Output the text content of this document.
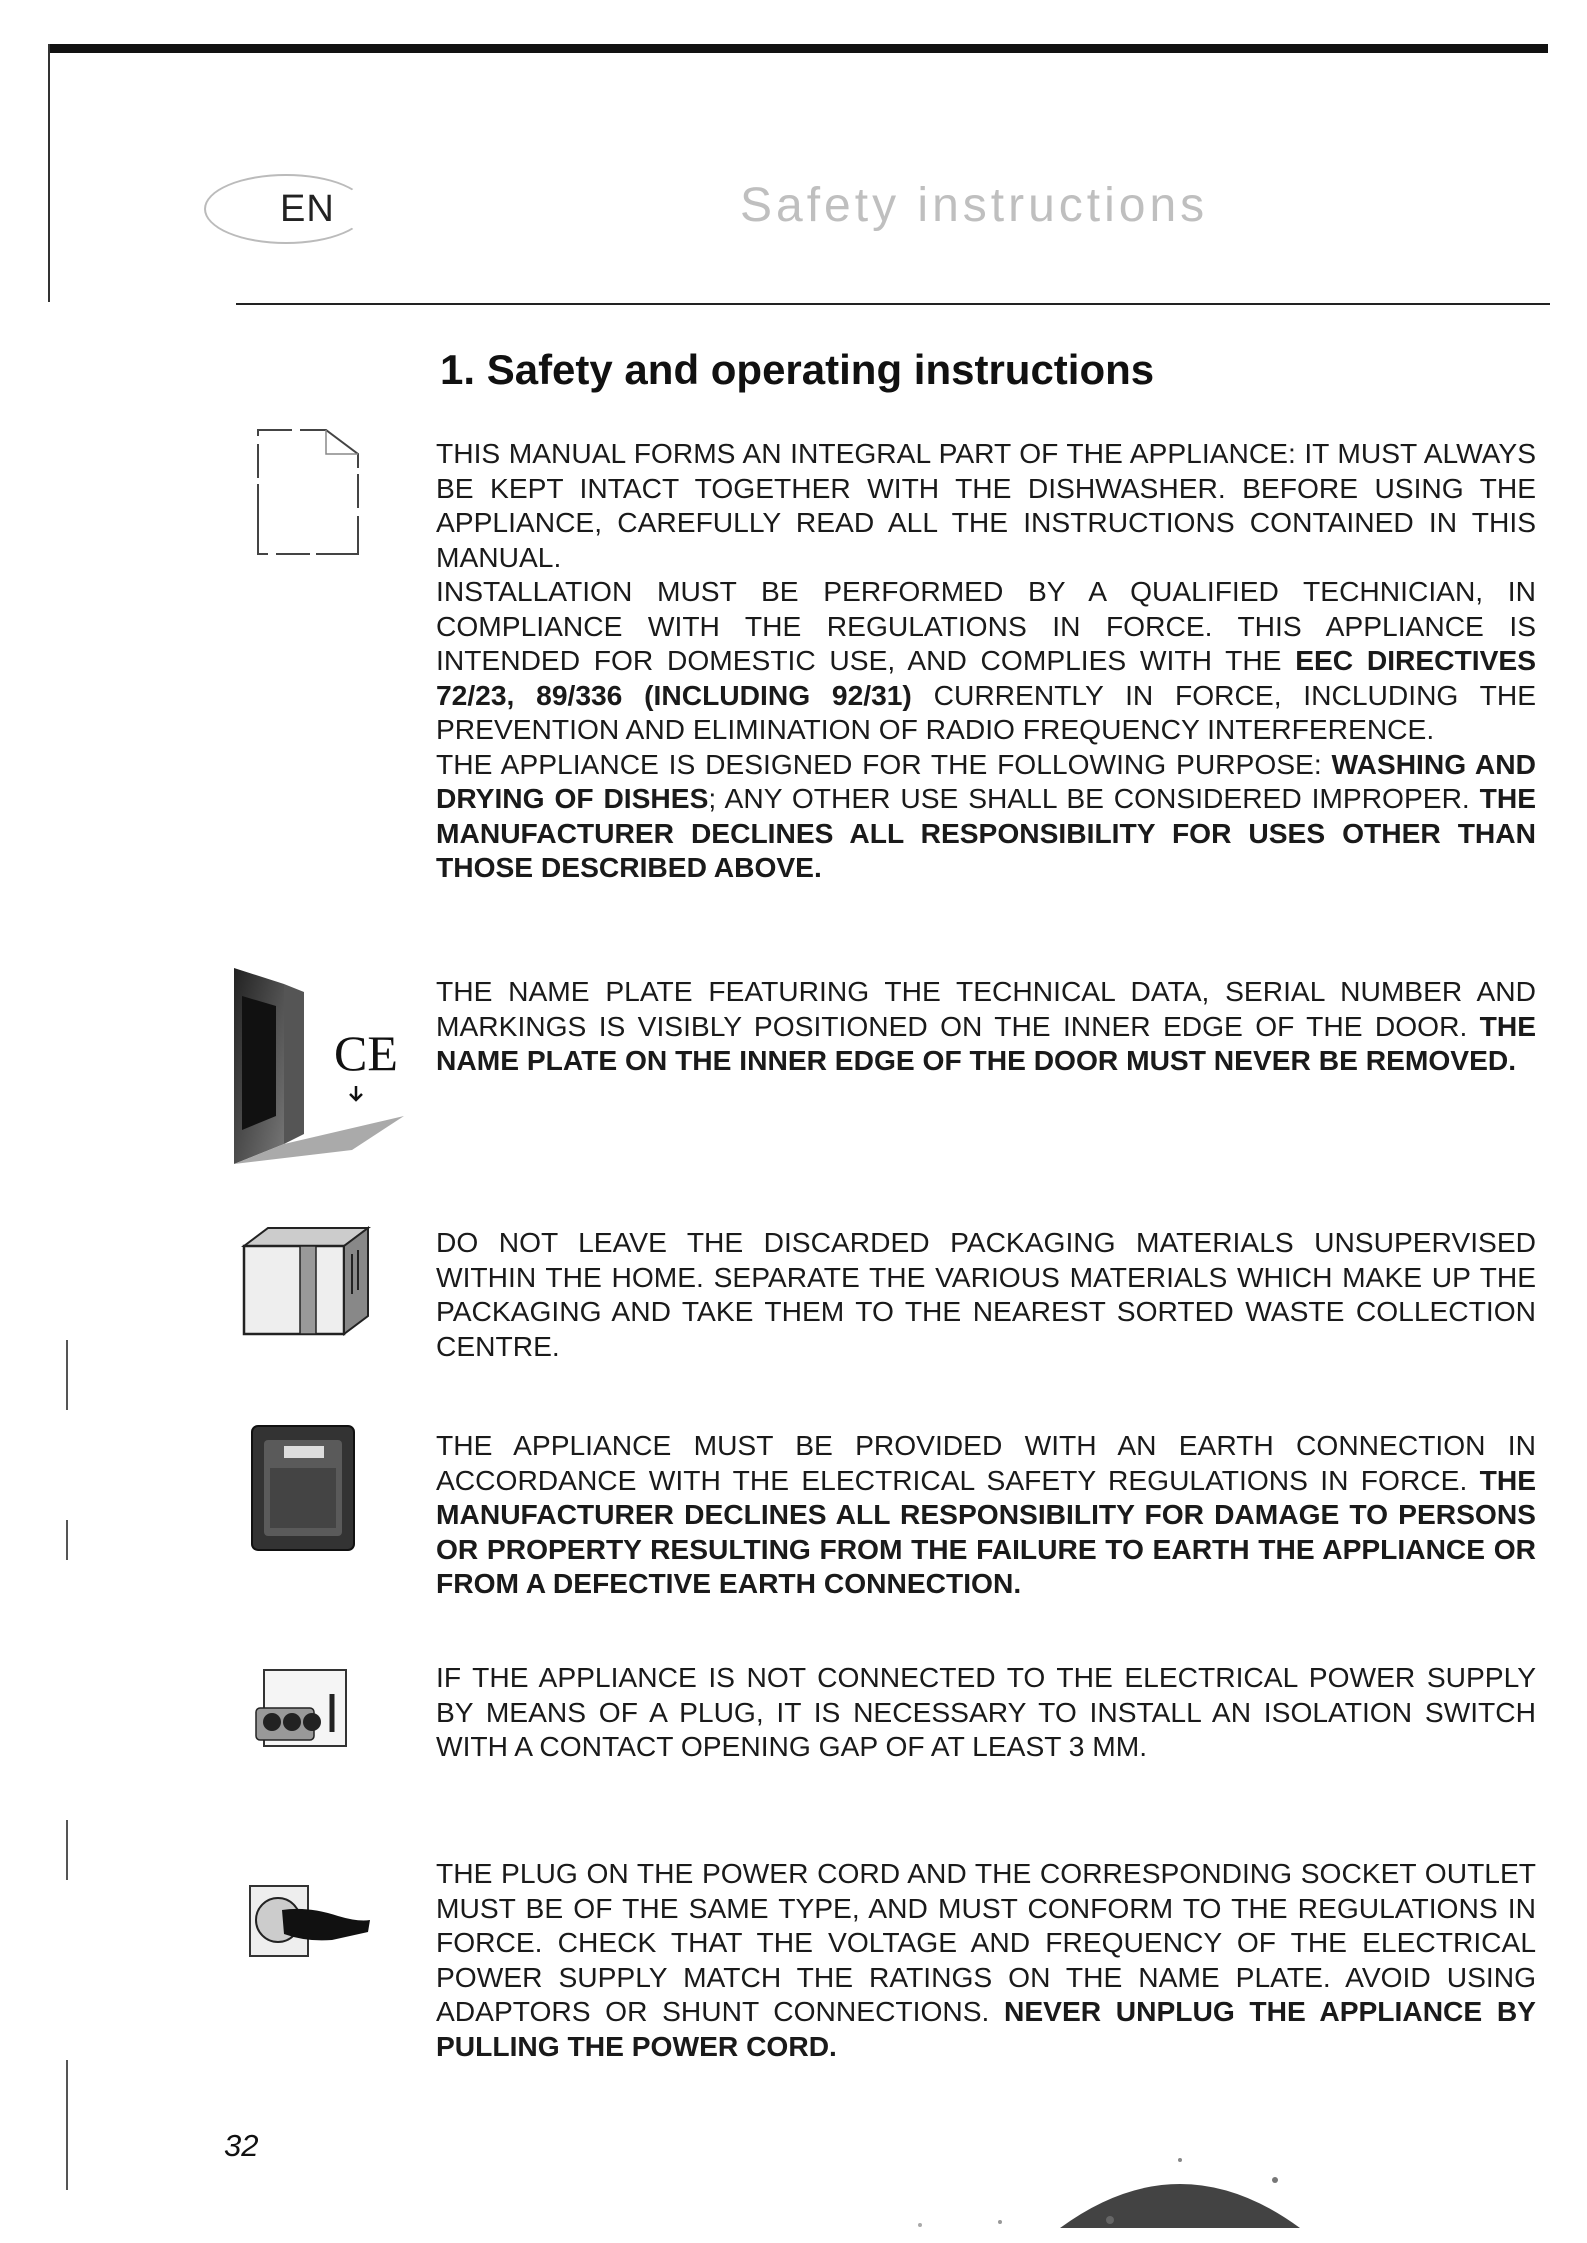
EN	Safety instructions
1. Safety and operating instructions

THIS MANUAL FORMS AN INTEGRAL PART OF THE APPLIANCE: IT MUST ALWAYS BE KEPT INTACT TOGETHER WITH THE DISHWASHER. BEFORE USING THE APPLIANCE, CAREFULLY READ ALL THE INSTRUCTIONS CONTAINED IN THIS MANUAL.

INSTALLATION MUST BE PERFORMED BY A QUALIFIED TECHNICIAN, IN COMPLIANCE WITH THE REGULATIONS IN FORCE. THIS APPLIANCE IS INTENDED FOR DOMESTIC USE, AND COMPLIES WITH THE EEC DIRECTIVES 72/23, 89/336 (INCLUDING 92/31) CURRENTLY IN FORCE, INCLUDING THE PREVENTION AND ELIMINATION OF RADIO FREQUENCY INTERFERENCE.

THE APPLIANCE IS DESIGNED FOR THE FOLLOWING PURPOSE: WASHING AND DRYING OF DISHES; ANY OTHER USE SHALL BE CONSIDERED IMPROPER. THE MANUFACTURER DECLINES ALL RESPONSIBILITY FOR USES OTHER THAN THOSE DESCRIBED ABOVE.

THE NAME PLATE FEATURING THE TECHNICAL DATA, SERIAL NUMBER AND MARKINGS IS VISIBLY POSITIONED ON THE INNER EDGE OF THE DOOR. THE NAME PLATE ON THE INNER EDGE OF THE DOOR MUST NEVER BE REMOVED.

DO NOT LEAVE THE DISCARDED PACKAGING MATERIALS UNSUPERVISED WITHIN THE HOME. SEPARATE THE VARIOUS MATERIALS WHICH MAKE UP THE PACKAGING AND TAKE THEM TO THE NEAREST SORTED WASTE COLLECTION CENTRE.

THE APPLIANCE MUST BE PROVIDED WITH AN EARTH CONNECTION IN ACCORDANCE WITH THE ELECTRICAL SAFETY REGULATIONS IN FORCE. THE MANUFACTURER DECLINES ALL RESPONSIBILITY FOR DAMAGE TO PERSONS OR PROPERTY RESULTING FROM THE FAILURE TO EARTH THE APPLIANCE OR FROM A DEFECTIVE EARTH CONNECTION.

IF THE APPLIANCE IS NOT CONNECTED TO THE ELECTRICAL POWER SUPPLY BY MEANS OF A PLUG, IT IS NECESSARY TO INSTALL AN ISOLATION SWITCH WITH A CONTACT OPENING GAP OF AT LEAST 3 MM.

THE PLUG ON THE POWER CORD AND THE CORRESPONDING SOCKET OUTLET MUST BE OF THE SAME TYPE, AND MUST CONFORM TO THE REGULATIONS IN FORCE. CHECK THAT THE VOLTAGE AND FREQUENCY OF THE ELECTRICAL POWER SUPPLY MATCH THE RATINGS ON THE NAME PLATE. AVOID USING ADAPTORS OR SHUNT CONNECTIONS. NEVER UNPLUG THE APPLIANCE BY PULLING THE POWER CORD.

CE
32
